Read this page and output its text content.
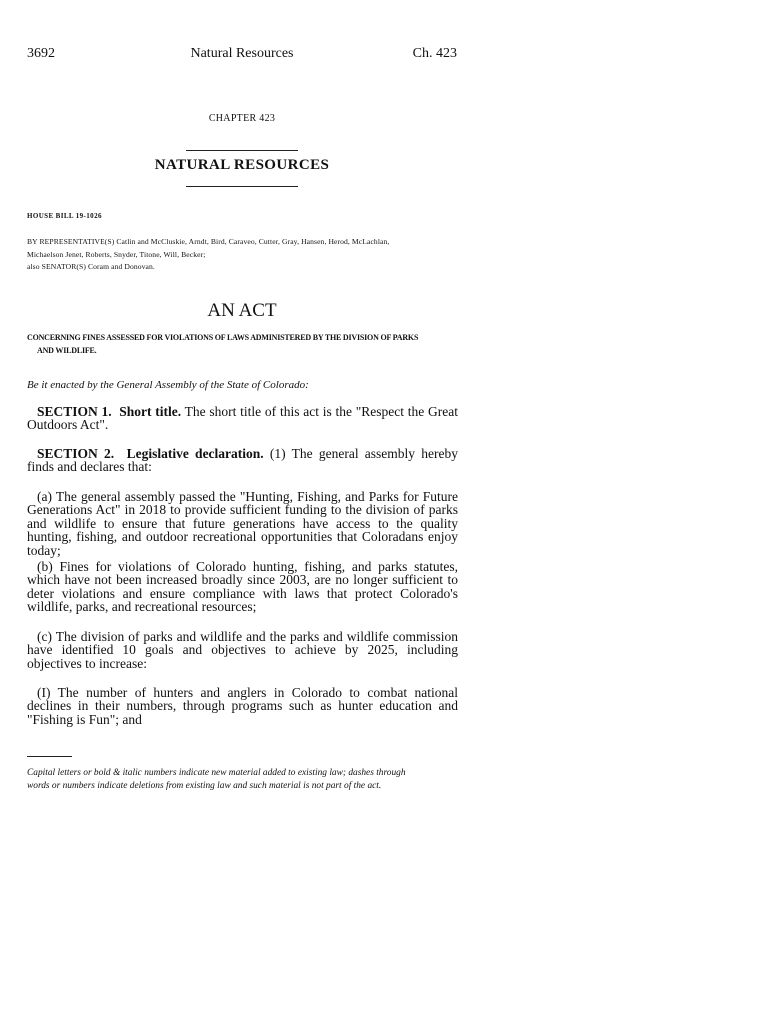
3692	Natural Resources	Ch. 423
CHAPTER 423
NATURAL RESOURCES
HOUSE BILL 19-1026
BY REPRESENTATIVE(S) Catlin and McCluskie, Arndt, Bird, Caraveo, Cutter, Gray, Hansen, Herod, McLachlan,
Michaelson Jenet, Roberts, Snyder, Titone, Will, Becker;
also SENATOR(S) Coram and Donovan.
AN ACT
CONCERNING FINES ASSESSED FOR VIOLATIONS OF LAWS ADMINISTERED BY THE DIVISION OF PARKS
AND WILDLIFE.
Be it enacted by the General Assembly of the State of Colorado:
SECTION 1. Short title. The short title of this act is the "Respect the Great Outdoors Act".
SECTION 2. Legislative declaration. (1) The general assembly hereby finds and declares that:
(a) The general assembly passed the "Hunting, Fishing, and Parks for Future Generations Act" in 2018 to provide sufficient funding to the division of parks and wildlife to ensure that future generations have access to the quality hunting, fishing, and outdoor recreational opportunities that Coloradans enjoy today;
(b) Fines for violations of Colorado hunting, fishing, and parks statutes, which have not been increased broadly since 2003, are no longer sufficient to deter violations and ensure compliance with laws that protect Colorado's wildlife, parks, and recreational resources;
(c) The division of parks and wildlife and the parks and wildlife commission have identified 10 goals and objectives to achieve by 2025, including objectives to increase:
(I) The number of hunters and anglers in Colorado to combat national declines in their numbers, through programs such as hunter education and "Fishing is Fun"; and
Capital letters or bold & italic numbers indicate new material added to existing law; dashes through
words or numbers indicate deletions from existing law and such material is not part of the act.
